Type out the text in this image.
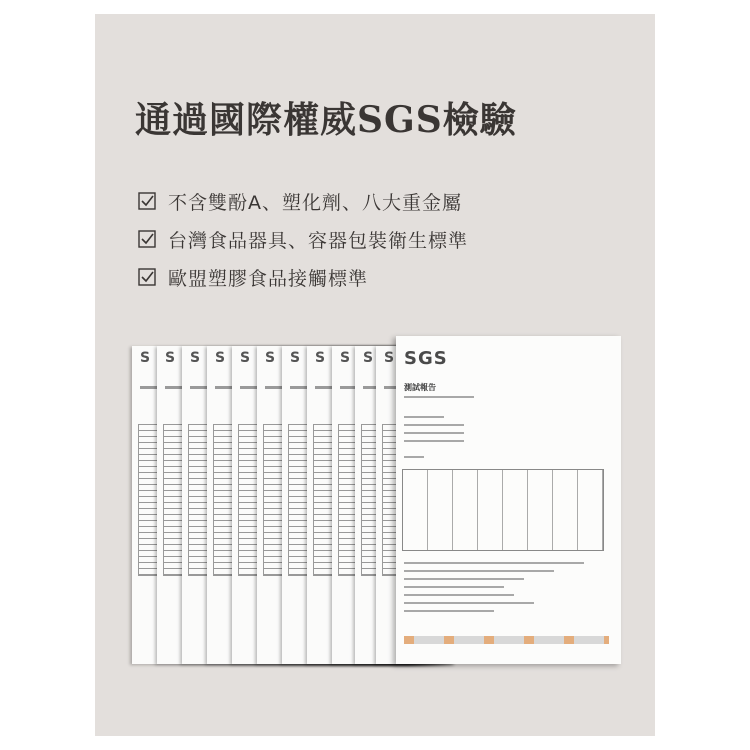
通過國際權威SGS檢驗
不含雙酚A、塑化劑、八大重金屬
台灣食品器具、容器包裝衛生標準
歐盟塑膠食品接觸標準
S S S S S S S S S S S SGS
測試報告
